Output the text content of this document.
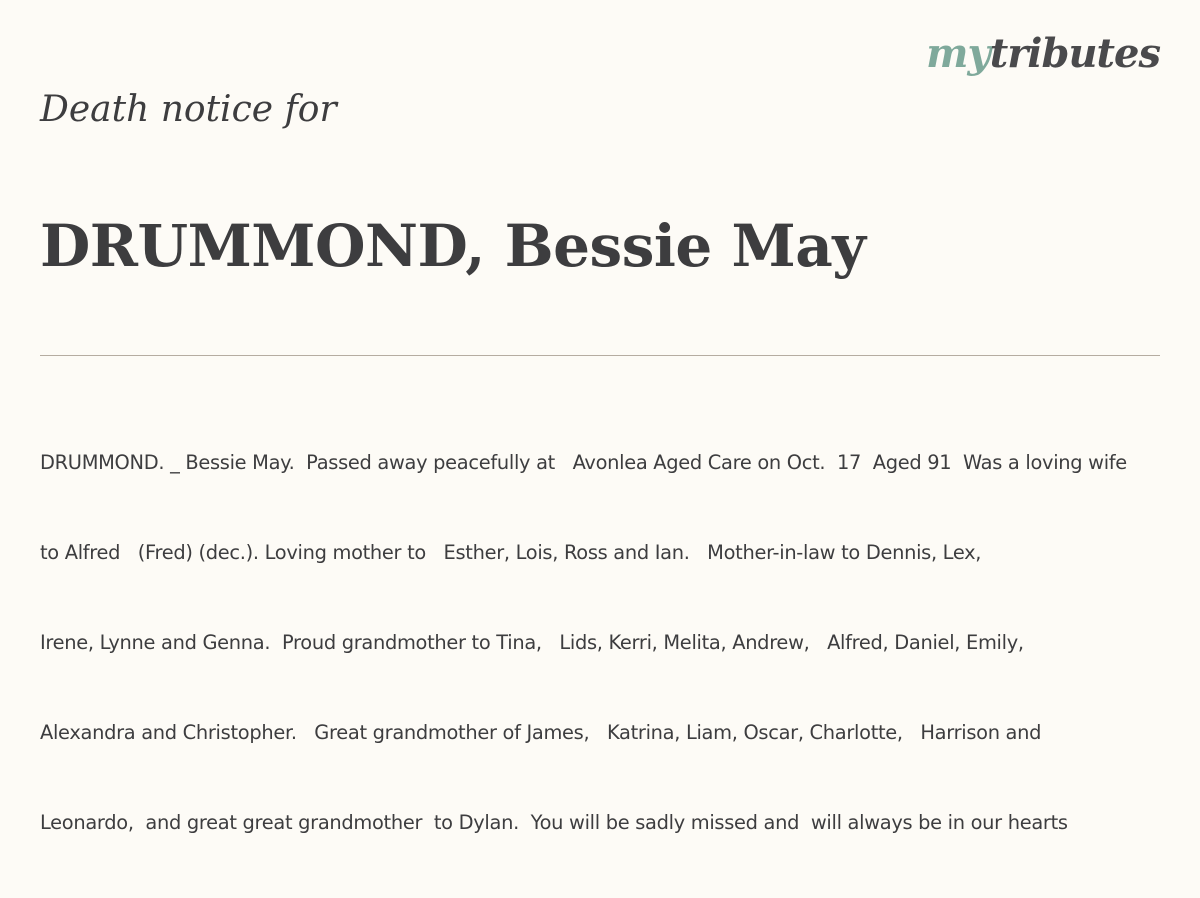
mytributes
Death notice for
DRUMMOND, Bessie May

DRUMMOND. _ Bessie May.  Passed away peacefully at   Avonlea Aged Care on Oct.  17  Aged 91  Was a loving wife

to Alfred   (Fred) (dec.). Loving mother to   Esther, Lois, Ross and Ian.   Mother-in-law to Dennis, Lex,

Irene, Lynne and Genna.  Proud grandmother to Tina,   Lids, Kerri, Melita, Andrew,   Alfred, Daniel, Emily,

Alexandra and Christopher.   Great grandmother of James,   Katrina, Liam, Oscar, Charlotte,   Harrison and

Leonardo,  and great great grandmother  to Dylan.  You will be sadly missed and  will always be in our hearts
